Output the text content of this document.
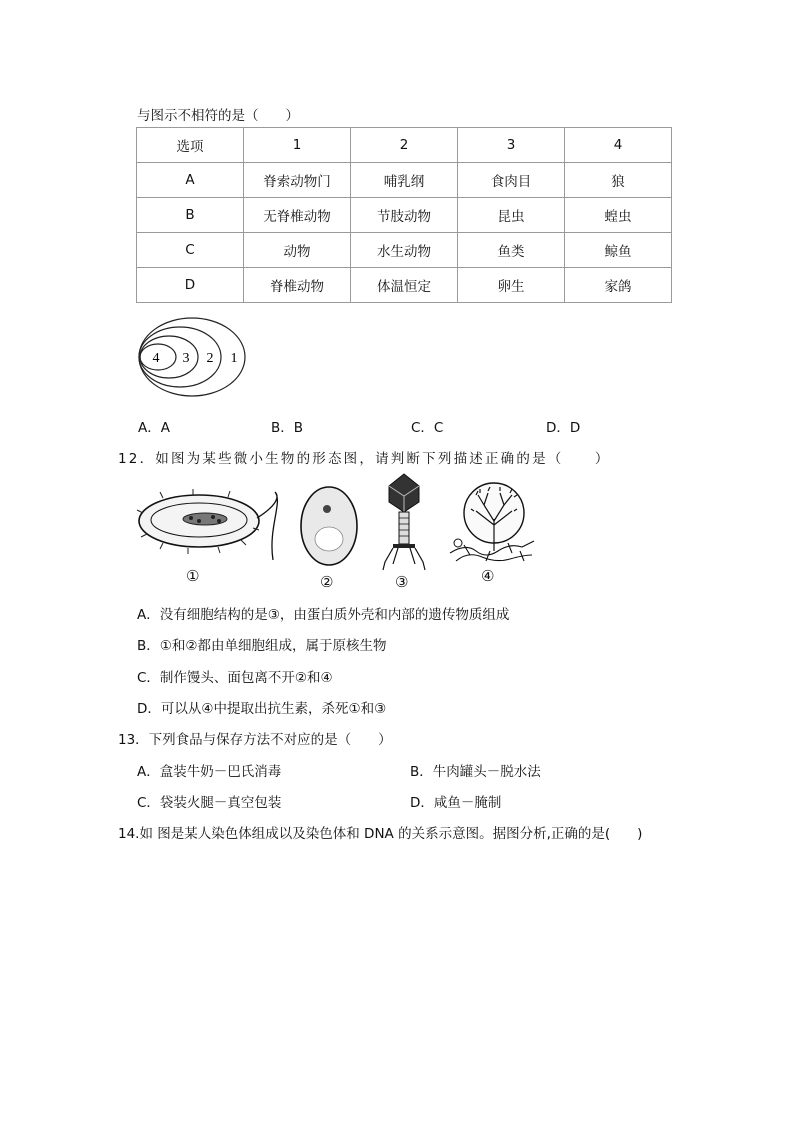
与图示不相符的是（　　）
选项	1	2	3	4
A	脊索动物门	哺乳纲	食肉目	狼
B	无脊椎动物	节肢动物	昆虫	蝗虫
C	动物	水生动物	鱼类	鲸鱼
D	脊椎动物	体温恒定	卵生	家鸽
4 3 2 1
A．A	B．B	C．C	D．D
12．如图为某些微小生物的形态图，请判断下列描述正确的是（　　）
①	②	③	④
A．没有细胞结构的是③，由蛋白质外壳和内部的遗传物质组成
B．①和②都由单细胞组成，属于原核生物
C．制作馒头、面包离不开②和④
D．可以从④中提取出抗生素，杀死①和③
13．下列食品与保存方法不对应的是（　　）
A．盒装牛奶－巴氏消毒	B．牛肉罐头－脱水法
C．袋装火腿－真空包装	D．咸鱼－腌制
14.如 图是某人染色体组成以及染色体和 DNA 的关系示意图。据图分析,正确的是(　　)
